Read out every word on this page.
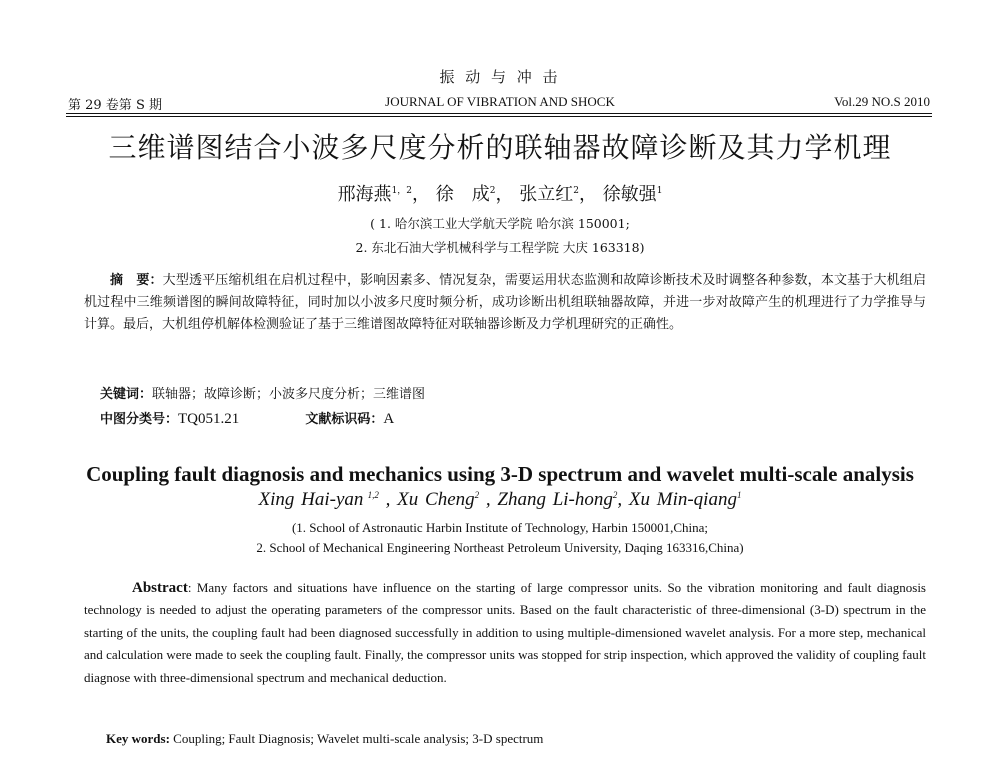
振 动 与 冲 击
第 29 卷第 S 期	JOURNAL OF VIBRATION AND SHOCK	Vol.29 NO.S 2010
三维谱图结合小波多尺度分析的联轴器故障诊断及其力学机理
邢海燕$^{1,2}$， 徐　成$^2$， 张立红$^2$， 徐敏强$^1$
( 1. 哈尔滨工业大学航天学院 哈尔滨 150001;
2. 东北石油大学机械科学与工程学院 大庆 163318)
摘　要：大型透平压缩机组在启机过程中，影响因素多、情况复杂，需要运用状态监测和故障诊断技术及时调整各种参数，本文基于大机组启机过程中三维频谱图的瞬间故障特征，同时加以小波多尺度时频分析，成功诊断出机组联轴器故障，并进一步对故障产生的机理进行了力学推导与计算。最后，大机组停机解体检测验证了基于三维谱图故障特征对联轴器诊断及力学机理研究的正确性。
关键词：联轴器；故障诊断；小波多尺度分析；三维谱图
中图分类号：TQ051.21	文献标识码：A
Coupling fault diagnosis and mechanics using 3-D spectrum and wavelet multi-scale analysis
Xing Hai-yan $^{1,2}$ , Xu Cheng$^2$ , Zhang Li-hong$^2$, Xu Min-qiang$^1$
(1. School of Astronautic Harbin Institute of Technology, Harbin 150001,China;
2. School of Mechanical Engineering Northeast Petroleum University, Daqing 163316,China)
Abstract: Many factors and situations have influence on the starting of large compressor units. So the vibration monitoring and fault diagnosis technology is needed to adjust the operating parameters of the compressor units. Based on the fault characteristic of three-dimensional (3-D) spectrum in the starting of the units, the coupling fault had been diagnosed successfully in addition to using multiple-dimensioned wavelet analysis. For a more step, mechanical and calculation were made to seek the coupling fault. Finally, the compressor units was stopped for strip inspection, which approved the validity of coupling fault diagnose with three-dimensional spectrum and mechanical deduction.
Key words: Coupling; Fault Diagnosis; Wavelet multi-scale analysis; 3-D spectrum
